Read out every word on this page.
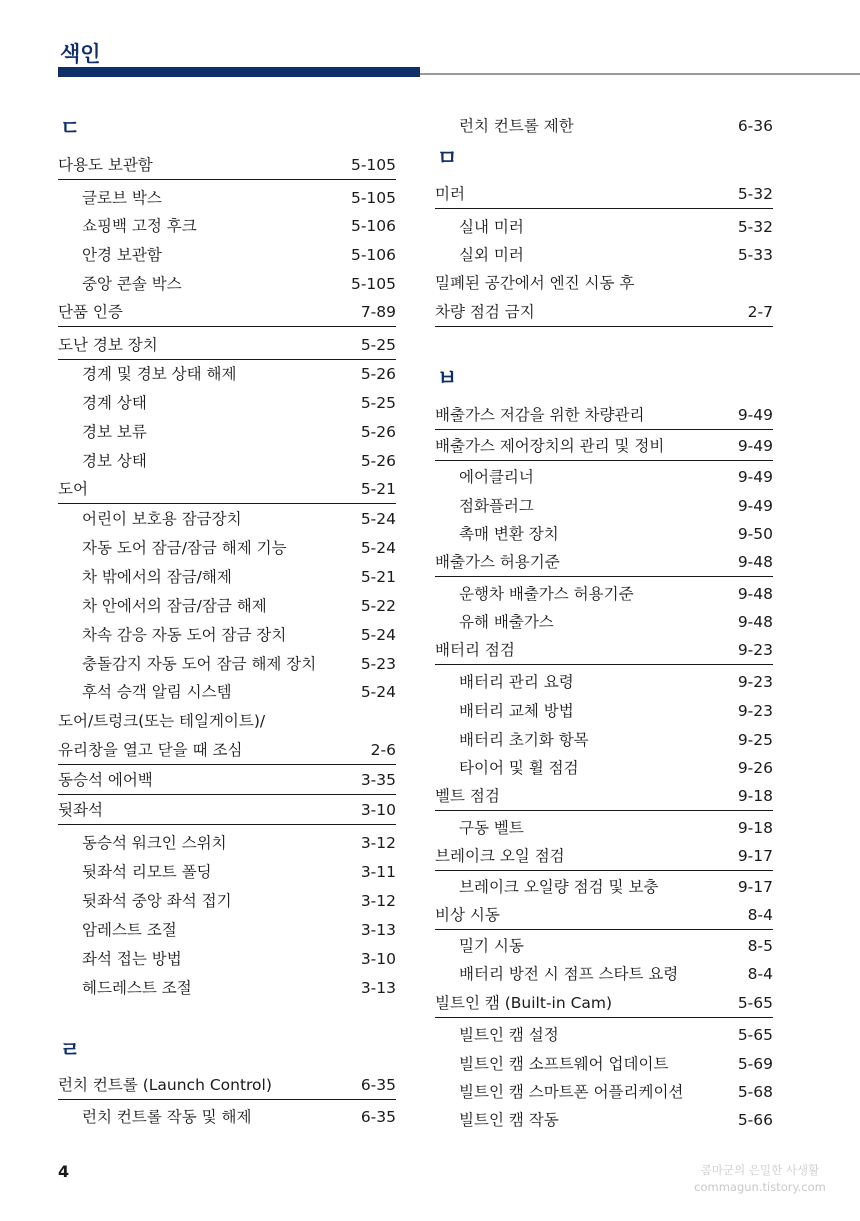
색인
ㄷ
다용도 보관함	5-105
글로브 박스	5-105
쇼핑백 고정 후크	5-106
안경 보관함	5-106
중앙 콘솔 박스	5-105
단품 인증	7-89
도난 경보 장치	5-25
경계 및 경보 상태 해제	5-26
경계 상태	5-25
경보 보류	5-26
경보 상태	5-26
도어	5-21
어린이 보호용 잠금장치	5-24
자동 도어 잠금/잠금 해제 기능	5-24
차 밖에서의 잠금/해제	5-21
차 안에서의 잠금/잠금 해제	5-22
차속 감응 자동 도어 잠금 장치	5-24
충돌감지 자동 도어 잠금 해제 장치	5-23
후석 승객 알림 시스템	5-24
도어/트렁크(또는 테일게이트)/
유리창을 열고 닫을 때 조심	2-6
동승석 에어백	3-35
뒷좌석	3-10
동승석 워크인 스위치	3-12
뒷좌석 리모트 폴딩	3-11
뒷좌석 중앙 좌석 접기	3-12
암레스트 조절	3-13
좌석 접는 방법	3-10
헤드레스트 조절	3-13
ㄹ
런치 컨트롤 (Launch Control)	6-35
런치 컨트롤 작동 및 해제	6-35
런치 컨트롤 제한	6-36
ㅁ
미러	5-32
실내 미러	5-32
실외 미러	5-33
밀폐된 공간에서 엔진 시동 후
차량 점검 금지	2-7
ㅂ
배출가스 저감을 위한 차량관리	9-49
배출가스 제어장치의 관리 및 정비	9-49
에어클리너	9-49
점화플러그	9-49
촉매 변환 장치	9-50
배출가스 허용기준	9-48
운행차 배출가스 허용기준	9-48
유해 배출가스	9-48
배터리 점검	9-23
배터리 관리 요령	9-23
배터리 교체 방법	9-23
배터리 초기화 항목	9-25
타이어 및 휠 점검	9-26
벨트 점검	9-18
구동 벨트	9-18
브레이크 오일 점검	9-17
브레이크 오일량 점검 및 보충	9-17
비상 시동	8-4
밀기 시동	8-5
배터리 방전 시 점프 스타트 요령	8-4
빌트인 캠 (Built-in Cam)	5-65
빌트인 캠 설정	5-65
빌트인 캠 소프트웨어 업데이트	5-69
빌트인 캠 스마트폰 어플리케이션	5-68
빌트인 캠 작동	5-66
4	콤마군의 은밀한 사생활
commagun.tistory.com
